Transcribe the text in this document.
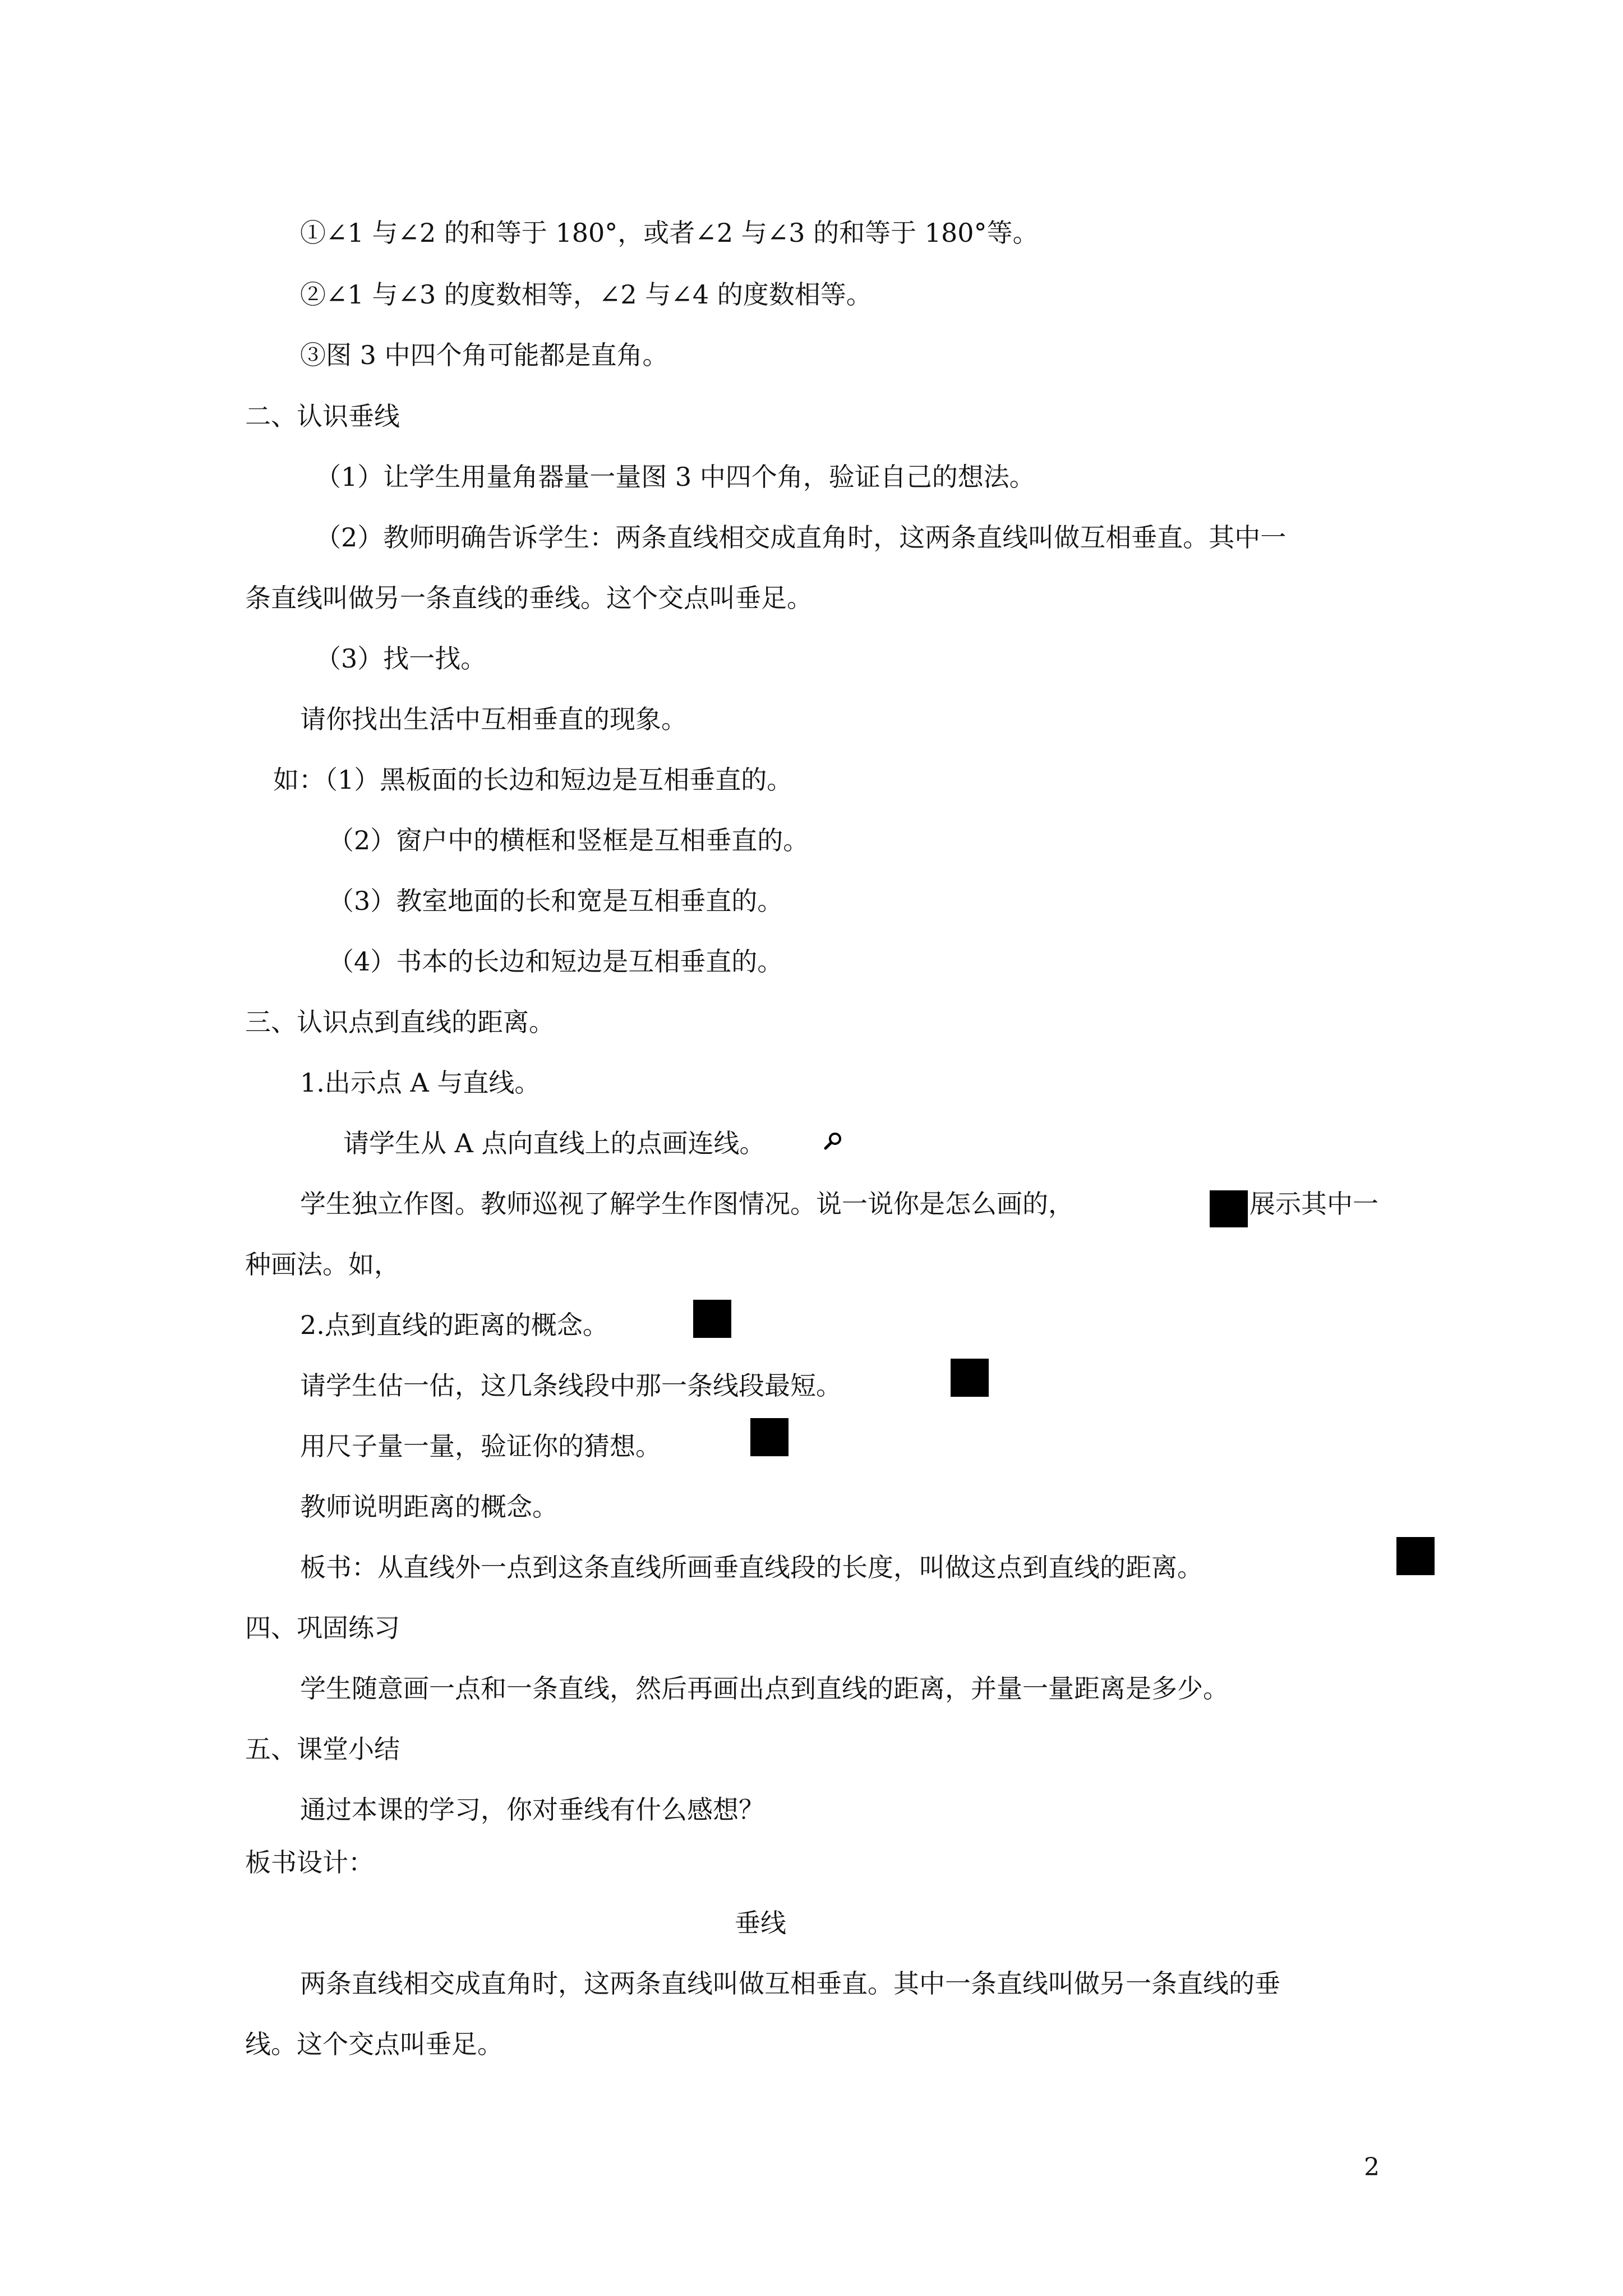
①∠1 与∠2 的和等于 180°，或者∠2 与∠3 的和等于 180°等。
②∠1 与∠3 的度数相等，∠2 与∠4 的度数相等。
③图 3 中四个角可能都是直角。
二、认识垂线
（1）让学生用量角器量一量图 3 中四个角，验证自己的想法。
（2）教师明确告诉学生：两条直线相交成直角时，这两条直线叫做互相垂直。其中一
条直线叫做另一条直线的垂线。这个交点叫垂足。
（3）找一找。
请你找出生活中互相垂直的现象。
如：（1）黑板面的长边和短边是互相垂直的。
（2）窗户中的横框和竖框是互相垂直的。
（3）教室地面的长和宽是互相垂直的。
（4）书本的长边和短边是互相垂直的。
三、认识点到直线的距离。
1.出示点 A 与直线。
请学生从 A 点向直线上的点画连线。
学生独立作图。教师巡视了解学生作图情况。说一说你是怎么画的，	展示其中一
种画法。如，
2.点到直线的距离的概念。
请学生估一估，这几条线段中那一条线段最短。
用尺子量一量，验证你的猜想。
教师说明距离的概念。
板书：从直线外一点到这条直线所画垂直线段的长度，叫做这点到直线的距离。
四、巩固练习
学生随意画一点和一条直线，然后再画出点到直线的距离，并量一量距离是多少。
五、课堂小结
通过本课的学习，你对垂线有什么感想？
板书设计：
垂线
两条直线相交成直角时，这两条直线叫做互相垂直。其中一条直线叫做另一条直线的垂
线。这个交点叫垂足。
2
